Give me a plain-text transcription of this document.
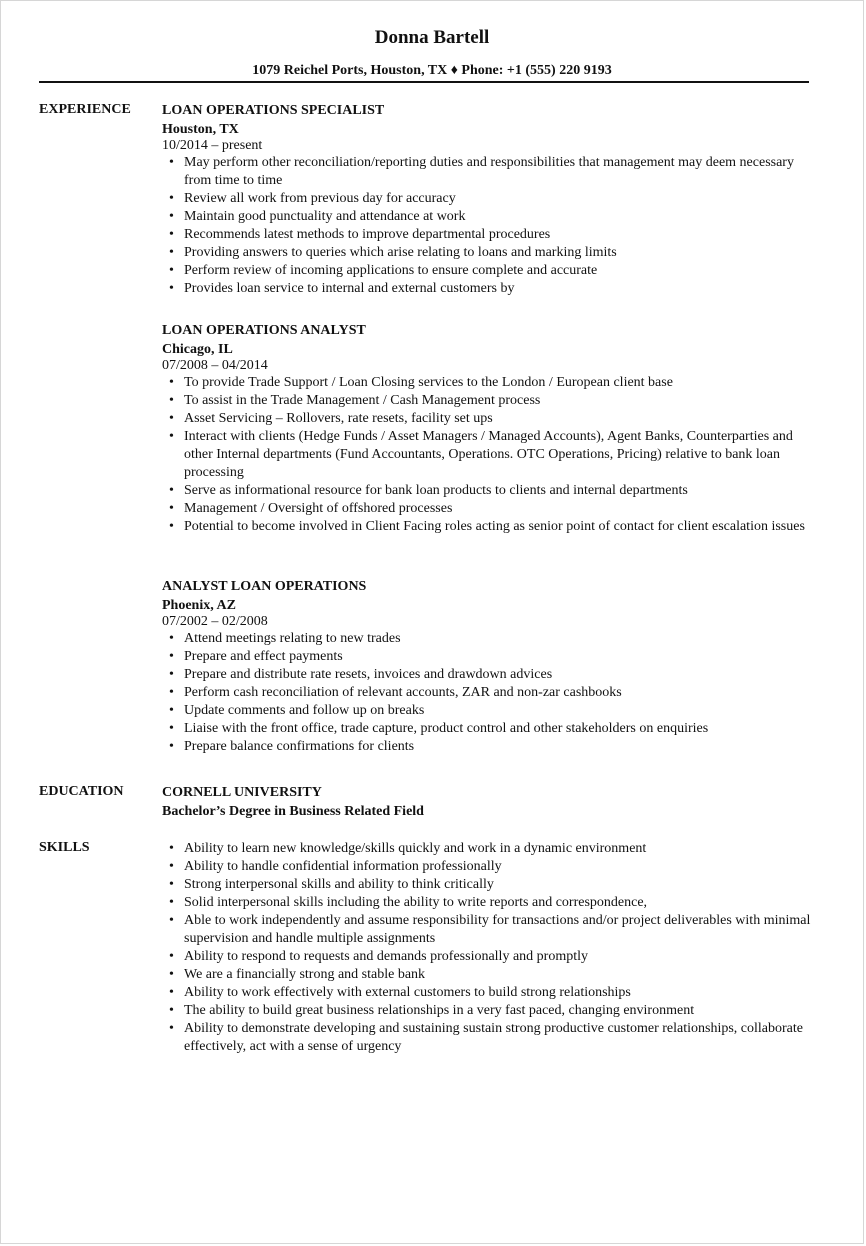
Donna Bartell
1079 Reichel Ports, Houston, TX ♦ Phone: +1 (555) 220 9193
EXPERIENCE LOAN OPERATIONS SPECIALIST
Houston, TX
10/2014 – present
• May perform other reconciliation/reporting duties and responsibilities that management may deem necessary from time to time
• Review all work from previous day for accuracy
• Maintain good punctuality and attendance at work
• Recommends latest methods to improve departmental procedures
• Providing answers to queries which arise relating to loans and marking limits
• Perform review of incoming applications to ensure complete and accurate
• Provides loan service to internal and external customers by
LOAN OPERATIONS ANALYST
Chicago, IL
07/2008 – 04/2014
• To provide Trade Support / Loan Closing services to the London / European client base
• To assist in the Trade Management / Cash Management process
• Asset Servicing – Rollovers, rate resets, facility set ups
• Interact with clients (Hedge Funds / Asset Managers / Managed Accounts), Agent Banks, Counterparties and other Internal departments (Fund Accountants, Operations. OTC Operations, Pricing) relative to bank loan processing
• Serve as informational resource for bank loan products to clients and internal departments
• Management / Oversight of offshored processes
• Potential to become involved in Client Facing roles acting as senior point of contact for client escalation issues
ANALYST LOAN OPERATIONS
Phoenix, AZ
07/2002 – 02/2008
• Attend meetings relating to new trades
• Prepare and effect payments
• Prepare and distribute rate resets, invoices and drawdown advices
• Perform cash reconciliation of relevant accounts, ZAR and non-zar cashbooks
• Update comments and follow up on breaks
• Liaise with the front office, trade capture, product control and other stakeholders on enquiries
• Prepare balance confirmations for clients
EDUCATION	CORNELL UNIVERSITY
Bachelor’s Degree in Business Related Field
SKILLS
•	Ability to learn new knowledge/skills quickly and work in a dynamic environment
• Ability to handle confidential information professionally
• Strong interpersonal skills and ability to think critically
• Solid interpersonal skills including the ability to write reports and correspondence,
• Able to work independently and assume responsibility for transactions and/or project deliverables with minimal supervision and handle multiple assignments
• Ability to respond to requests and demands professionally and promptly
• We are a financially strong and stable bank
• Ability to work effectively with external customers to build strong relationships
• The ability to build great business relationships in a very fast paced, changing environment
• Ability to demonstrate developing and sustaining sustain strong productive customer relationships, collaborate effectively, act with a sense of urgency
